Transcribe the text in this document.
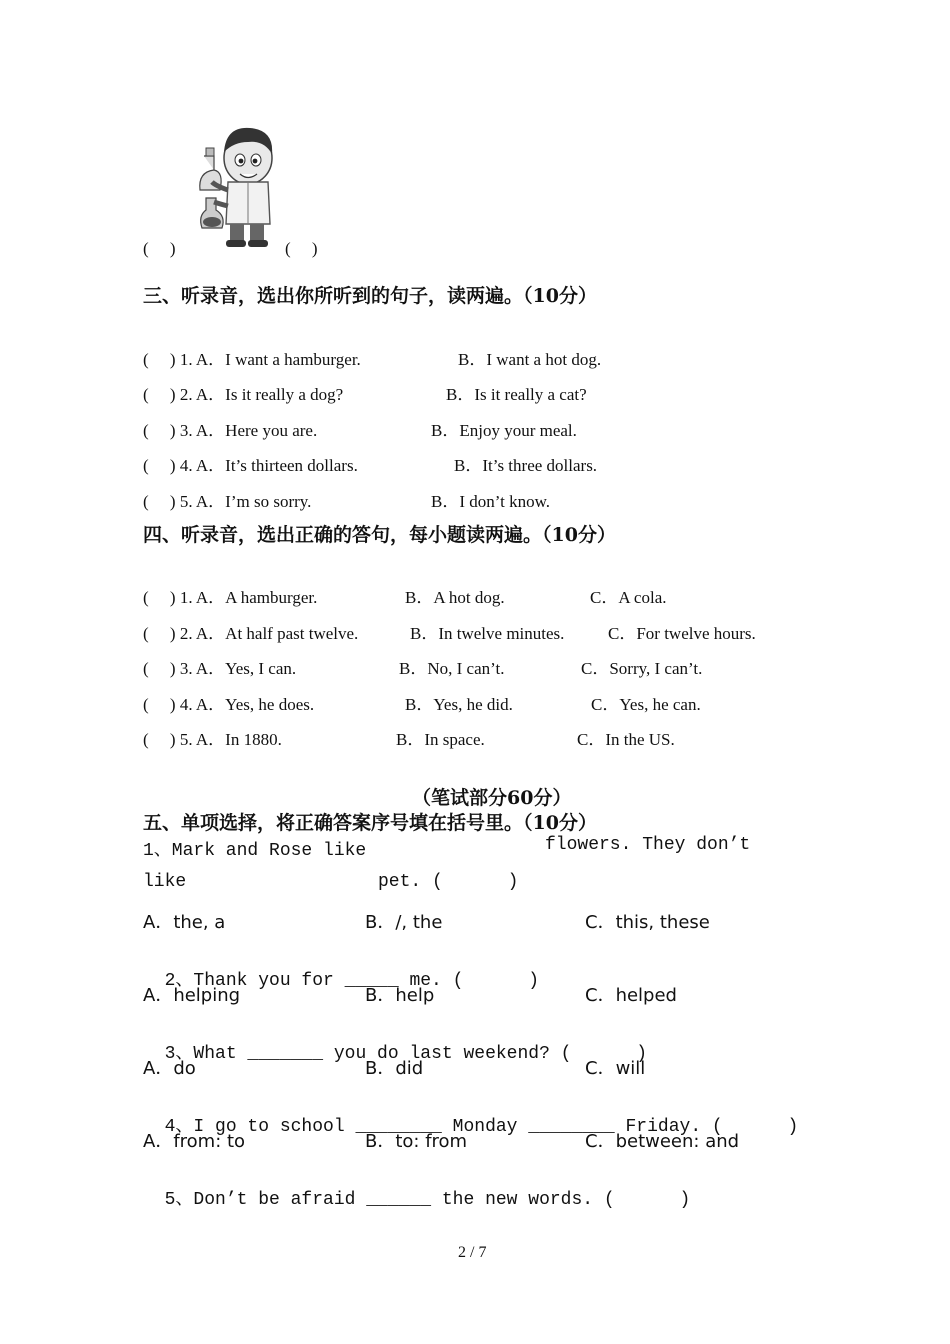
(     )	(     )
三、听录音，选出你所听到的句子，读两遍。（10分）
(     ) 1. A．I want a hamburger.	B．I want a hot dog.
(     ) 2. A．Is it really a dog?	B．Is it really a cat?
(     ) 3. A．Here you are.	B．Enjoy your meal.
(     ) 4. A．It’s thirteen dollars.	B．It’s three dollars.
(     ) 5. A．I’m so sorry.	B．I don’t know.
四、听录音，选出正确的答句，每小题读两遍。（10分）
(     ) 1. A．A hamburger.	B．A hot dog.	C．A cola.
(     ) 2. A．At half past twelve.	B．In twelve minutes.	C．For twelve hours.
(     ) 3. A．Yes, I can.	B．No, I can’t.	C．Sorry, I can’t.
(     ) 4. A．Yes, he does.	B．Yes, he did.	C．Yes, he can.
(     ) 5. A．In 1880.	B．In space.	C．In the US.
（笔试部分60分）
五、单项选择，将正确答案序号填在括号里。（10分）
1、Mark and Rose like	flowers. They don’t
like	pet. (      )
A．the, a	B．/, the	C．this, these

2、Thank you for _____ me. (      )

A．helping	B．help	C．helped

3、What _______ you do last weekend? (      )

A．do	B．did	C．will

4、I go to school ________ Monday ________ Friday. (      )

A．from: to	B．to: from	C．between: and

5、Don’t be afraid ______ the new words. (      )

2 / 7
